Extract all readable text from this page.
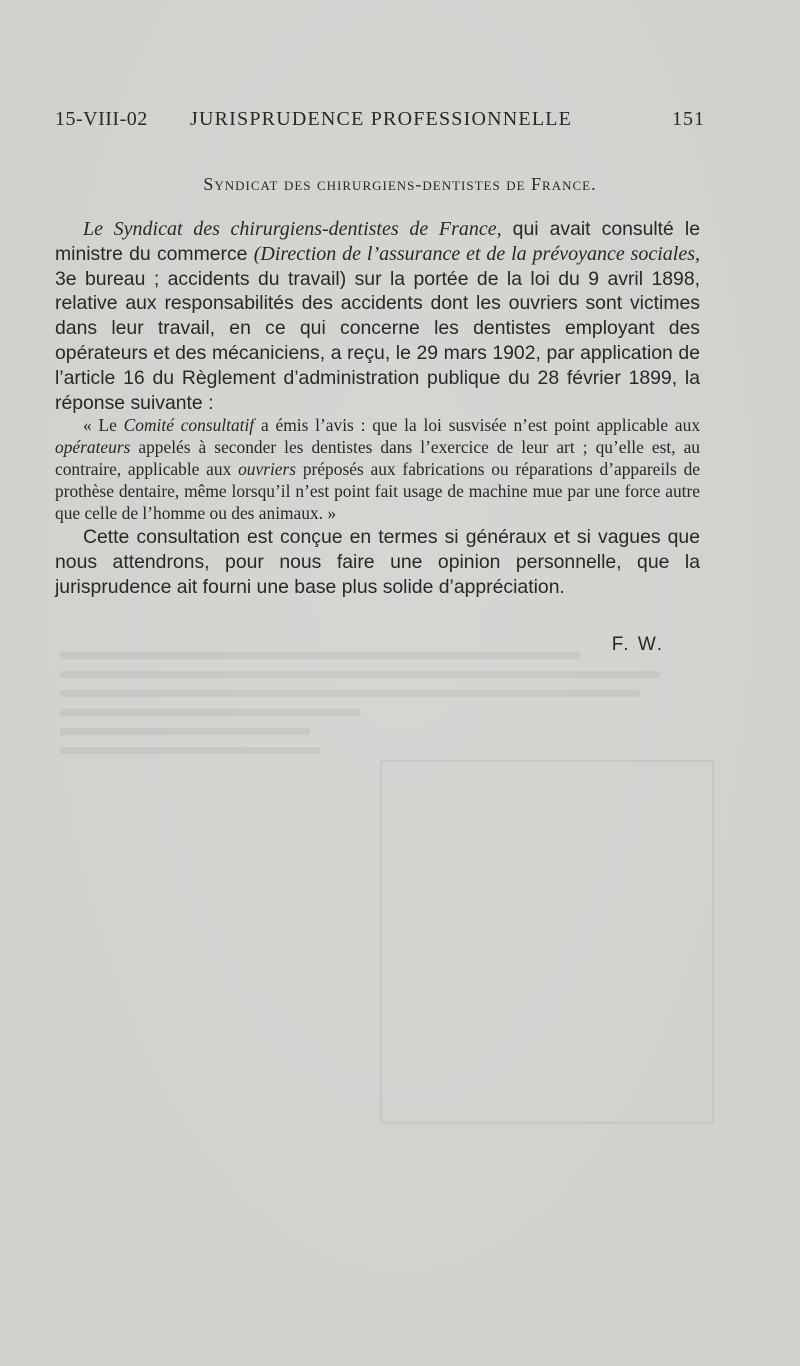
15-VIII-02 JURISPRUDENCE PROFESSIONNELLE	151
Syndicat des chirurgiens-dentistes de France.

Le Syndicat des chirurgiens-dentistes de France, qui avait consulté le ministre du commerce (Direction de l’assurance et de la prévoyance sociales, 3e bureau ; accidents du travail) sur la portée de la loi du 9 avril 1898, relative aux responsabilités des accidents dont les ouvriers sont victimes dans leur travail, en ce qui concerne les dentistes employant des opérateurs et des mécaniciens, a reçu, le 29 mars 1902, par application de l’article 16 du Règlement d’administration publique du 28 février 1899, la réponse suivante :

« Le Comité consultatif a émis l’avis : que la loi susvisée n’est point applicable aux opérateurs appelés à seconder les dentistes dans l’exercice de leur art ; qu’elle est, au contraire, applicable aux ouvriers préposés aux fabrications ou réparations d’appareils de prothèse dentaire, même lorsqu’il n’est point fait usage de machine mue par une force autre que celle de l’homme ou des animaux. »

Cette consultation est conçue en termes si généraux et si vagues que nous attendrons, pour nous faire une opinion personnelle, que la jurisprudence ait fourni une base plus solide d’appréciation.

F. W.
